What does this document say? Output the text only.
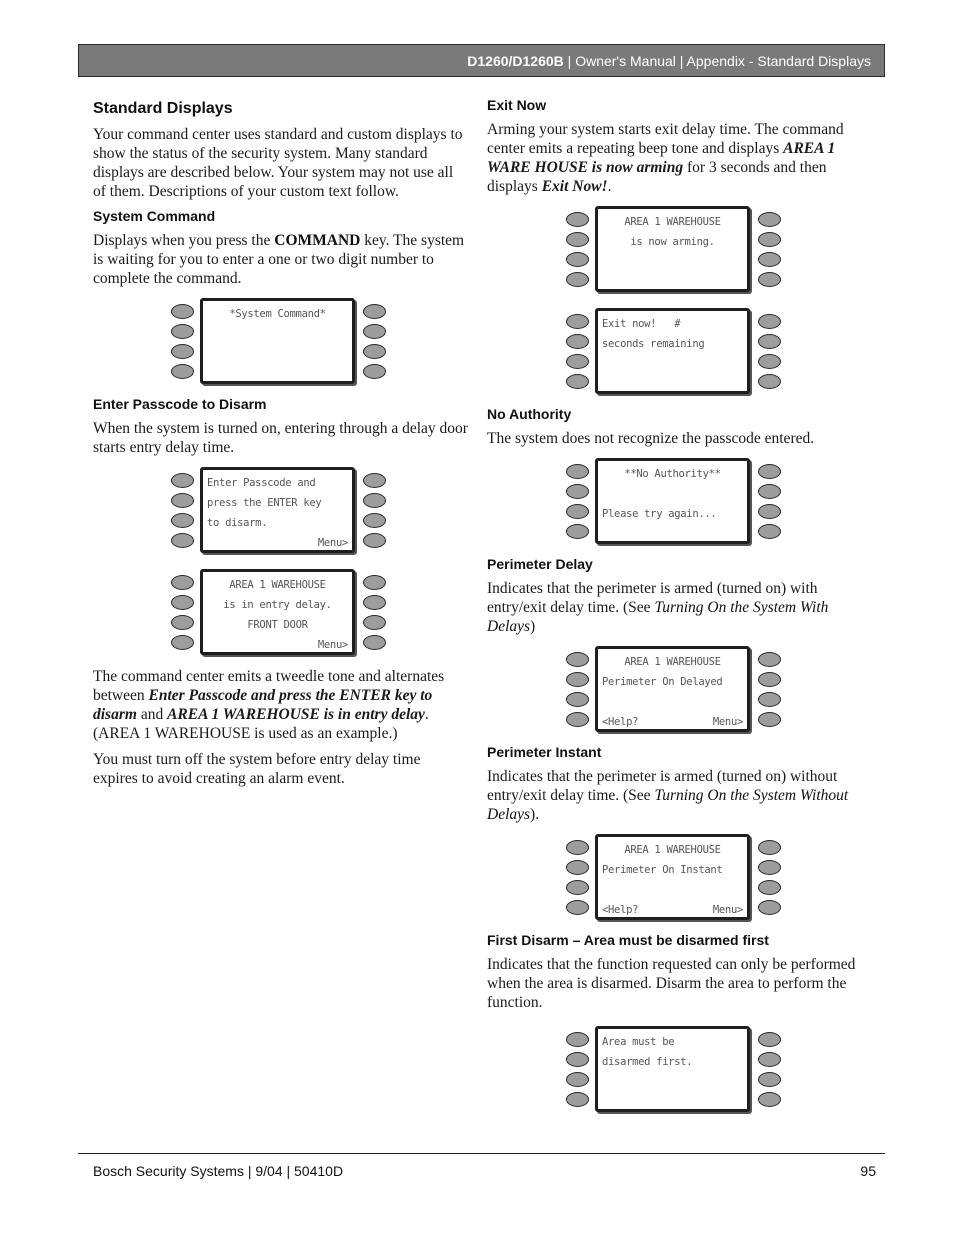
D1260/D1260B | Owner's Manual | Appendix - Standard Displays
Standard Displays

Your command center uses standard and custom displays to show the status of the security system. Many standard displays are described below. Your system may not use all of them. Descriptions of your custom text follow.

System Command

Displays when you press the COMMAND key. The system is waiting for you to enter a one or two digit number to complete the command.

*System Command*
Enter Passcode to Disarm

When the system is turned on, entering through a delay door starts entry delay time.

Enter Passcode and
press the ENTER key
to disarm.
Menu>
AREA 1 WAREHOUSE
is in entry delay.
FRONT DOOR
Menu>

The command center emits a tweedle tone and alternates between Enter Passcode and press the ENTER key to disarm and AREA 1 WAREHOUSE is in entry delay. (AREA 1 WAREHOUSE is used as an example.)

You must turn off the system before entry delay time expires to avoid creating an alarm event.

Exit Now

Arming your system starts exit delay time. The command center emits a repeating beep tone and displays AREA 1 WARE HOUSE is now arming for 3 seconds and then displays Exit Now!.

AREA 1 WAREHOUSE
is now arming.
Exit now!   #
seconds remaining
No Authority

The system does not recognize the passcode entered.

**No Authority**
Please try again...
Perimeter Delay

Indicates that the perimeter is armed (turned on) with entry/exit delay time. (See Turning On the System With Delays)

AREA 1 WAREHOUSE
Perimeter On Delayed
<Help?	Menu>
Perimeter Instant

Indicates that the perimeter is armed (turned on) without entry/exit delay time. (See Turning On the System Without Delays).

AREA 1 WAREHOUSE
Perimeter On Instant
<Help?	Menu>
First Disarm – Area must be disarmed first

Indicates that the function requested can only be performed when the area is disarmed. Disarm the area to perform the function.

Area must be
disarmed first.
Bosch Security Systems | 9/04 | 50410D	95
